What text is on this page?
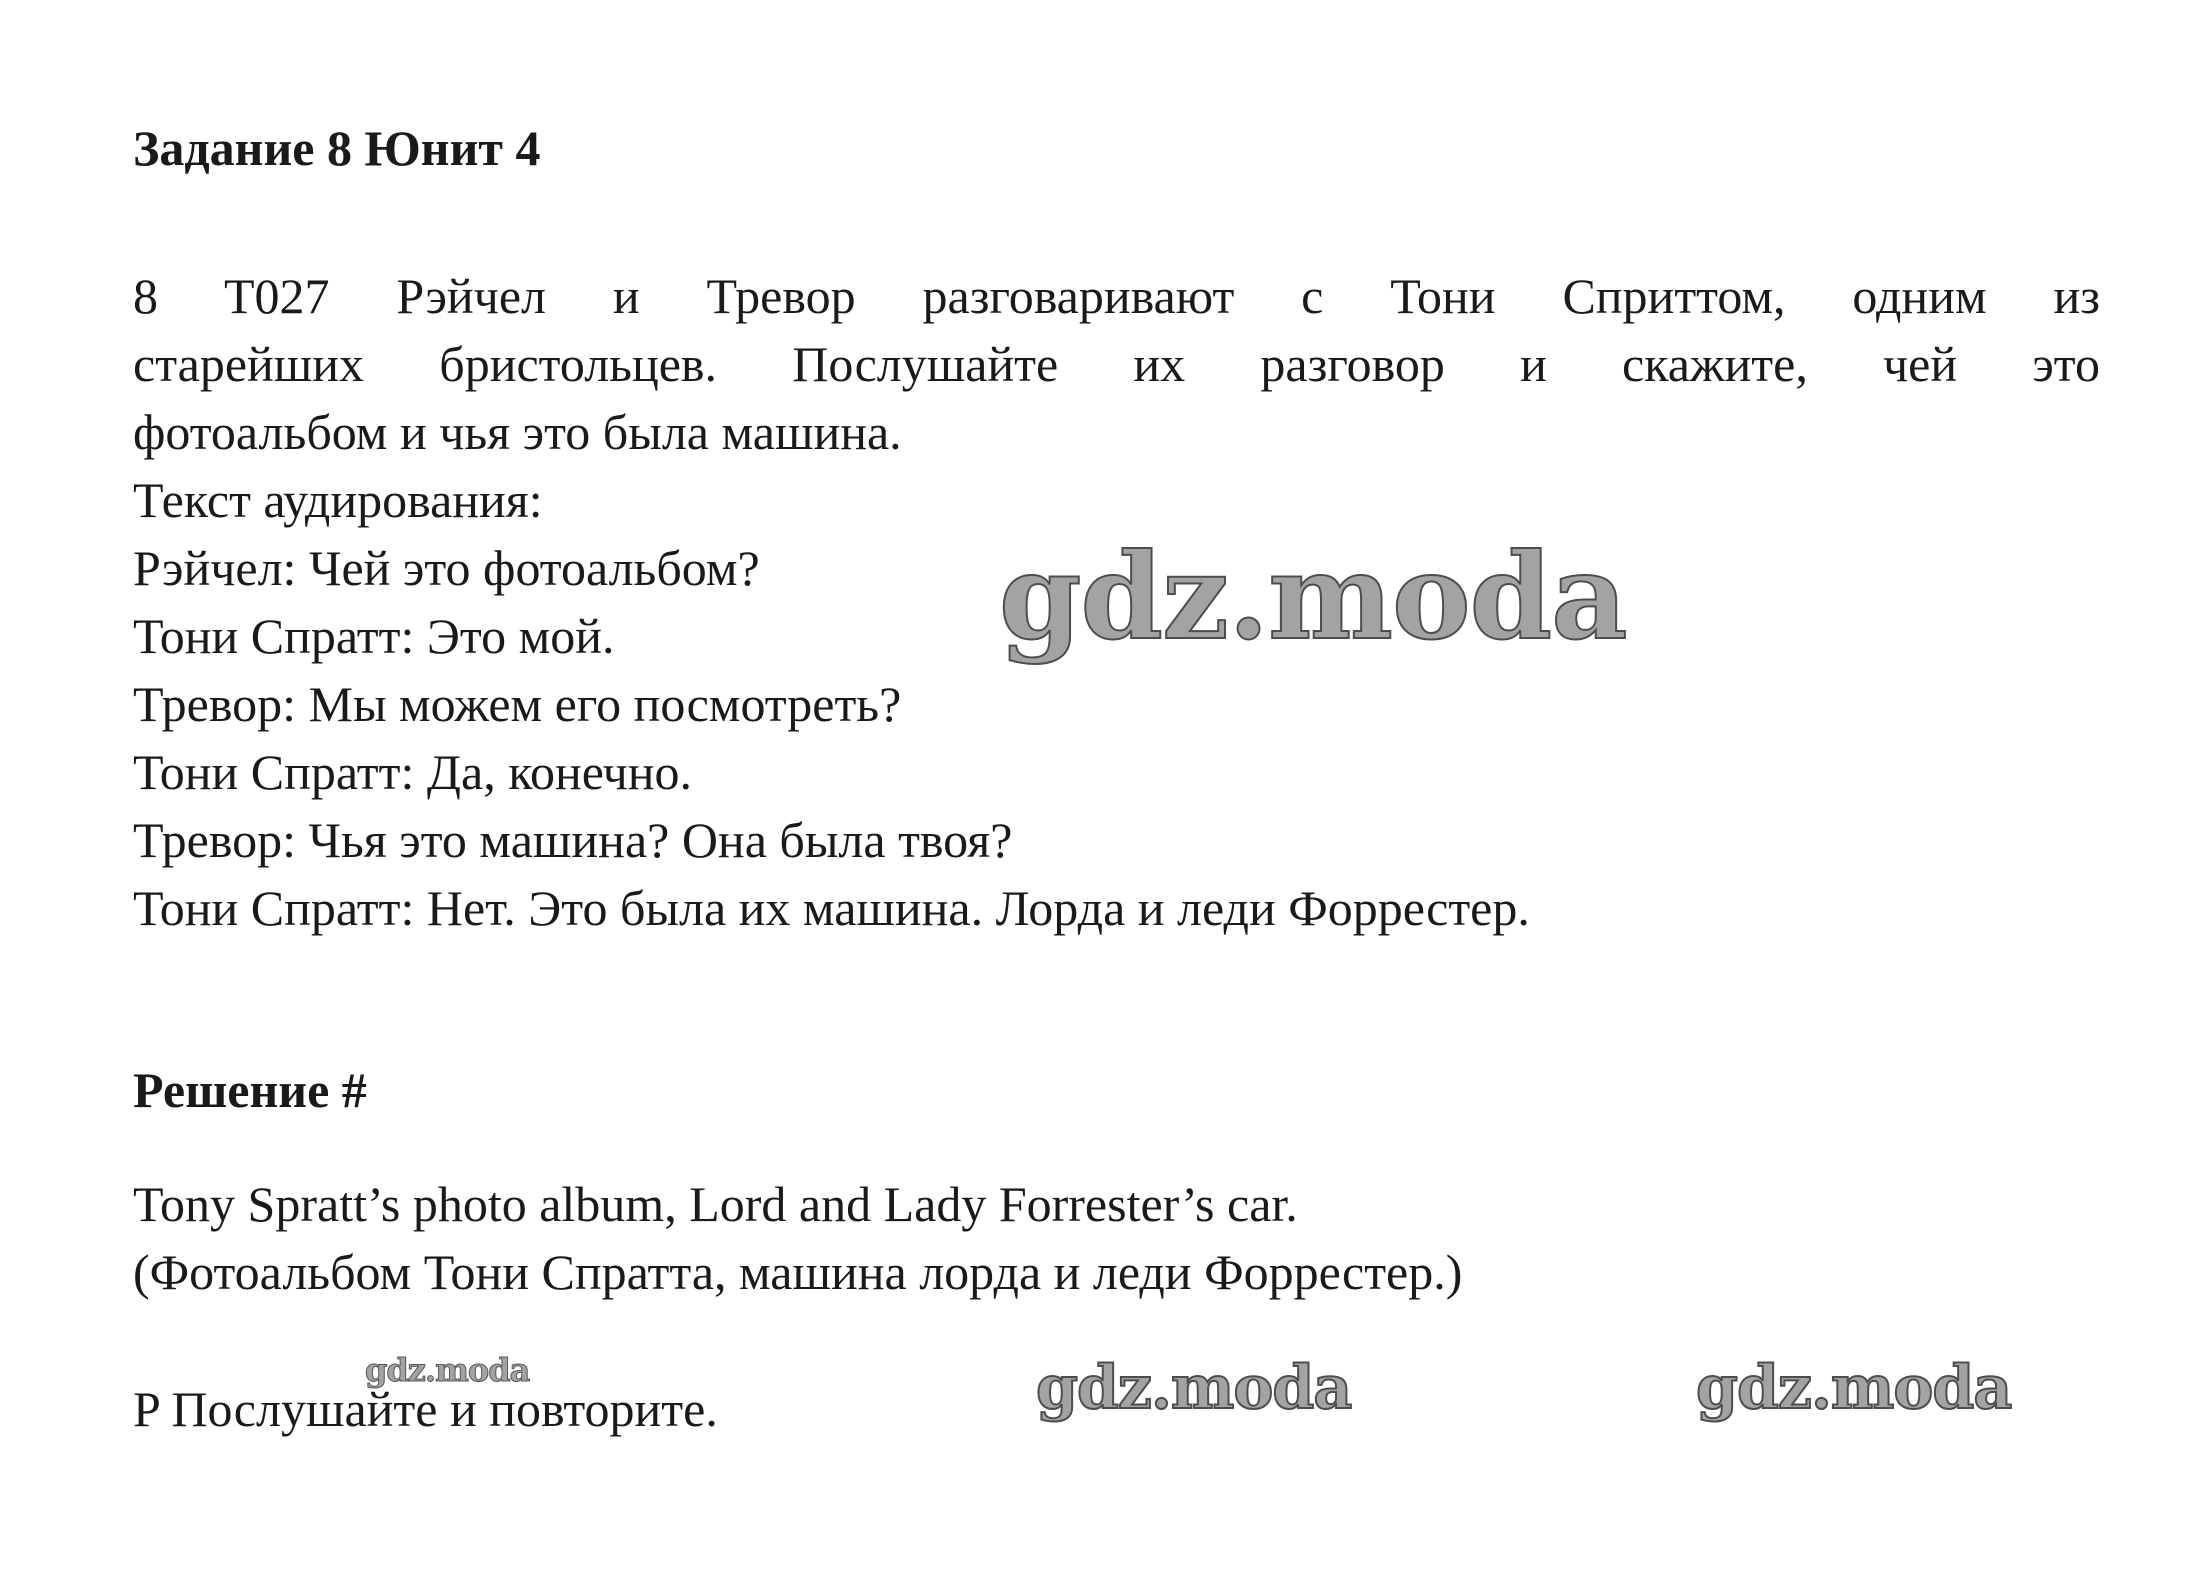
Задание 8 Юнит 4
8 T027 Рэйчел и Тревор разговаривают с Тони Сприттом, одним из
старейших бристольцев. Послушайте их разговор и скажите, чей это
фотоальбом и чья это была машина.
Текст аудирования:
Рэйчел: Чей это фотоальбом?
Тони Спратт: Это мой.
Тревор: Мы можем его посмотреть?
Тони Спратт: Да, конечно.
Тревор: Чья это машина? Она была твоя?
Тони Спратт: Нет. Это была их машина. Лорда и леди Форрестер.
Решение #
Tony Spratt’s photo album, Lord and Lady Forrester’s car.
(Фотоальбом Тони Спратта, машина лорда и леди Форрестер.)
P Послушайте и повторите.
gdz.moda
gdz.moda	gdz.moda	gdz.moda
